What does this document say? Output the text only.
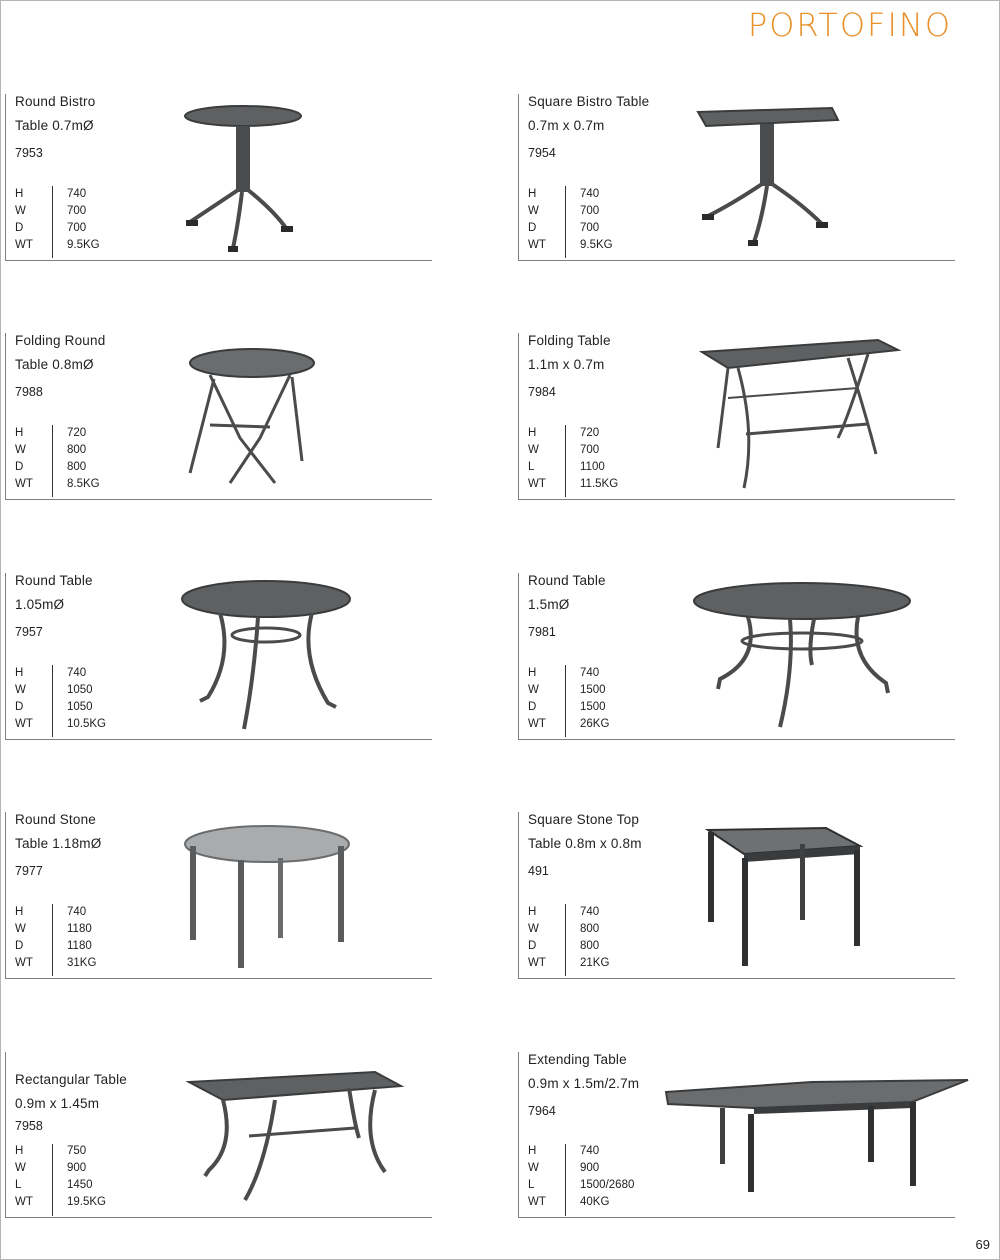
PORTOFINO
Round Bistro
Table 0.7mØ
7953
H	740
W	700
D	700
WT	9.5KG
Square Bistro Table
0.7m x 0.7m
7954
H	740
W	700
D	700
WT	9.5KG
Folding Round
Table 0.8mØ
7988
H	720
W	800
D	800
WT	8.5KG
Folding Table
1.1m x 0.7m
7984
H	720
W	700
L	1100
WT	11.5KG
Round Table
1.05mØ
7957
H	740
W	1050
D	1050
WT	10.5KG
Round Table
1.5mØ
7981
H	740
W	1500
D	1500
WT	26KG
Round Stone
Table 1.18mØ
7977
H	740
W	1180
D	1180
WT	31KG
Square Stone Top
Table 0.8m x 0.8m
491
H	740
W	800
D	800
WT	21KG
Rectangular Table
0.9m x 1.45m
7958
H	750
W	900
L	1450
WT	19.5KG
Extending Table
0.9m x 1.5m/2.7m
7964
H	740
W	900
L	1500/2680
WT	40KG
69
